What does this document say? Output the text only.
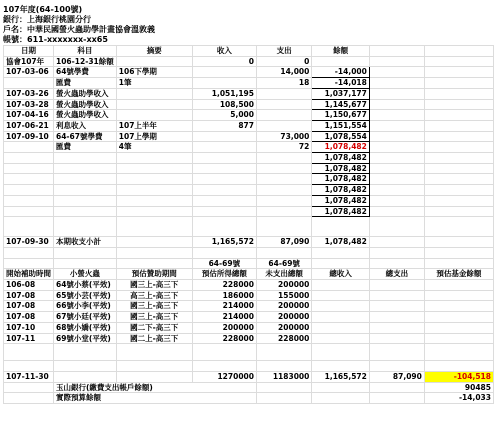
107年度(64-100號)
銀行：上海銀行桃園分行
戶名：中華民國螢火蟲助學計畫協會溫敦義
帳號：611-xxxxxxx-xx65
日期	科目	摘要	收入	支出	餘額		
協會107年	106-12-31餘額		0	0			
107-03-06	64號學費	106下學期		14,000	-14,000		
	匯費	1筆		18	-14,018		
107-03-26	螢火蟲助學收入		1,051,195		1,037,177		
107-03-28	螢火蟲助學收入		108,500		1,145,677		
107-04-16	螢火蟲助學收入		5,000		1,150,677		
107-06-21	利息收入	107上半年	877		1,151,554		
107-09-10	64-67號學費	107上學期		73,000	1,078,554		
	匯費	4筆		72	1,078,482		
					1,078,482		
					1,078,482		
					1,078,482		
					1,078,482		
					1,078,482		
					1,078,482		

107-09-30	本期收支小計		1,165,572	87,090	1,078,482		

			64-69號	64-69號			
開始補助時間	小螢火蟲	預估贊助期間	預估所得總額	未支出總額	總收入	總支出	預估基金餘額
106-08	64號小蔡(平效)	國三上-高三下	228000	200000			
107-08	65號小芸(平效)	高三上-高三下	186000	155000			
107-08	66號小李(平效)	國三上-高三下	214000	200000			
107-08	67號小廷(平效)	國三上-高三下	214000	200000			
107-10	68號小嬌(平效)	國二下-高三下	200000	200000			
107-11	69號小堂(平效)	國二上-高三下	228000	228000			

107-11-30			1270000	1183000	1,165,572	87,090	-104,518
	玉山銀行(繳費支出帳戶餘額)						90485
	實際預算餘額						-14,033
